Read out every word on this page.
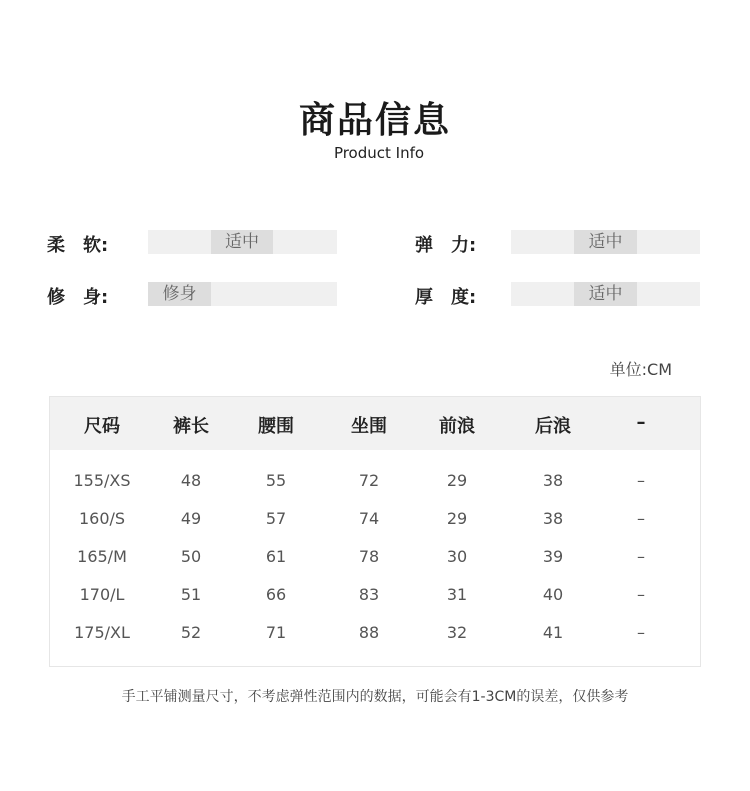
商品信息
Product Info
柔　软:	适中	弹　力:	适中
修　身:	修身	厚　度:	适中
单位:CM
尺码	裤长	腰围	坐围	前浪	后浪	–
155/XS	48	55	72	29	38	–
160/S	49	57	74	29	38	–
165/M	50	61	78	30	39	–
170/L	51	66	83	31	40	–
175/XL	52	71	88	32	41	–
手工平铺测量尺寸，不考虑弹性范围内的数据，可能会有1-3CM的误差，仅供参考
